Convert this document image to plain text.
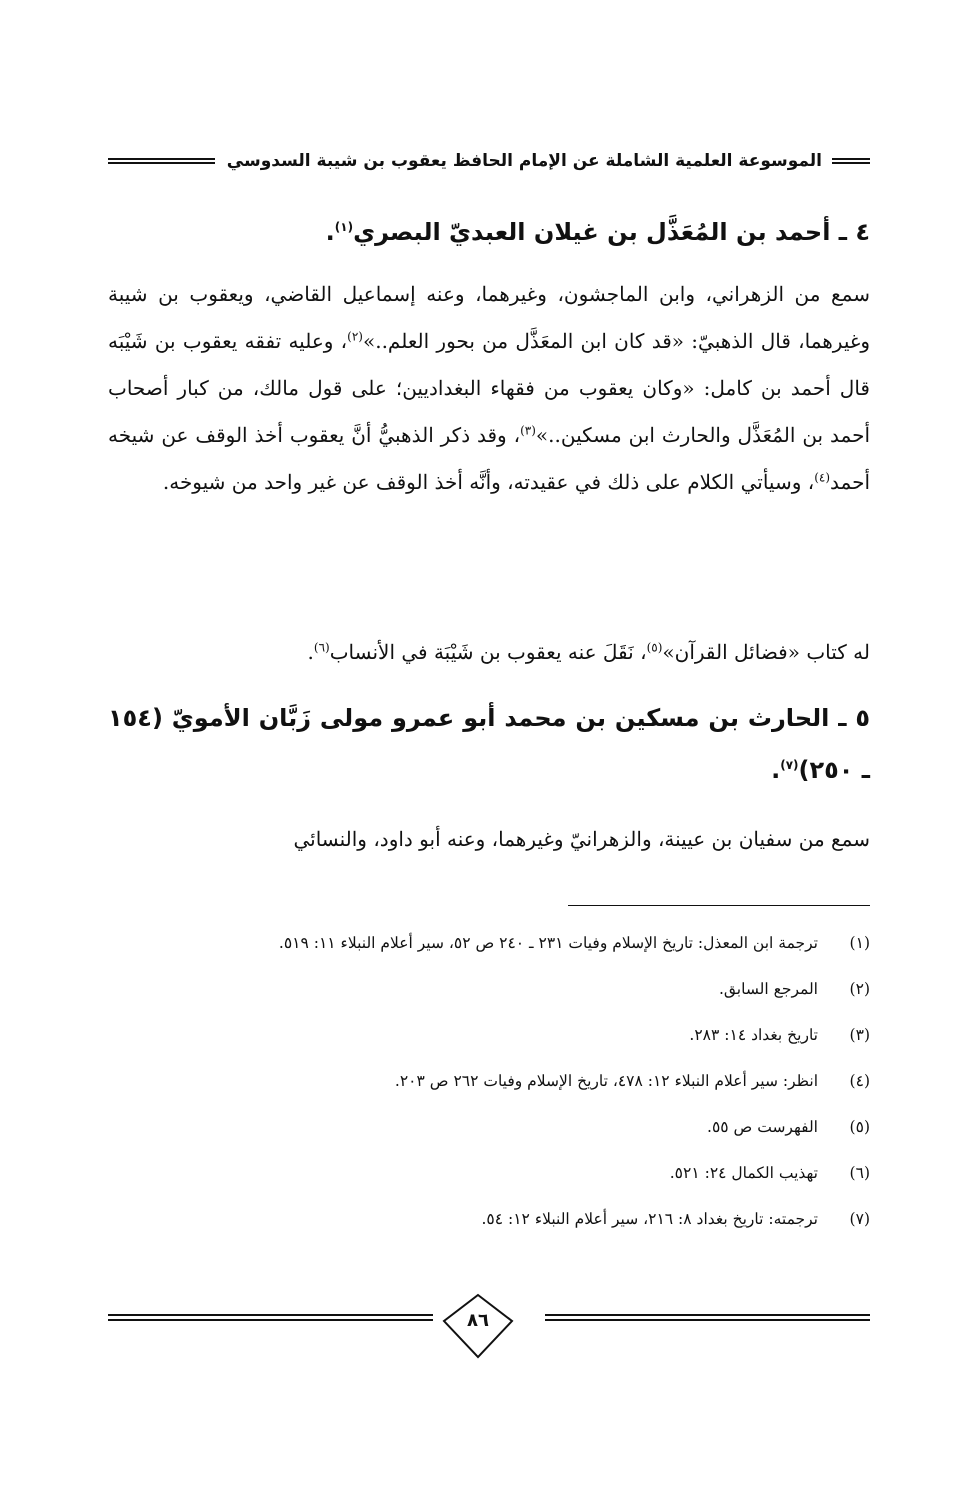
الموسوعة العلمية الشاملة عن الإمام الحافظ يعقوب بن شيبة السدوسي
٤ ـ أحمد بن المُعَذَّل بن غيلان العبديّ البصري$^{(١)}$.
سمع من الزهراني، وابن الماجشون، وغيرهما، وعنه إسماعيل القاضي، ويعقوب بن شيبة وغيرهما، قال الذهبيّ: «قد كان ابن المعَذَّل من بحور العلم..»$^{(٢)}$، وعليه تفقه يعقوب بن شَيْبَه قال أحمد بن كامل: «وكان يعقوب من فقهاء البغداديين؛ على قول مالك، من كبار أصحاب أحمد بن المُعَذَّل والحارث ابن مسكين..»$^{(٣)}$، وقد ذكر الذهبيُّ أنَّ يعقوب أخذ الوقف عن شيخه أحمد$^{(٤)}$، وسيأتي الكلام على ذلك في عقيدته، وأنَّه أخذ الوقف عن غير واحد من شيوخه.
له كتاب «فضائل القرآن»$^{(٥)}$، نَقَلَ عنه يعقوب بن شَيْبَة في الأنساب$^{(٦)}$.
٥ ـ الحارث بن مسكين بن محمد أبو عمرو مولى زَبَّان الأمويّ (١٥٤ ـ ٢٥٠)$^{(٧)}$.
سمع من سفيان بن عيينة، والزهرانيّ وغيرهما، وعنه أبو داود، والنسائي
(١)
ترجمة ابن المعذل: تاريخ الإسلام وفيات ٢٣١ ـ ٢٤٠ ص ٥٢، سير أعلام النبلاء ١١: ٥١٩.
(٢)
المرجع السابق.
(٣)
تاريخ بغداد ١٤: ٢٨٣.
(٤)
انظر: سير أعلام النبلاء ١٢: ٤٧٨، تاريخ الإسلام وفيات ٢٦٢ ص ٢٠٣.
(٥)
الفهرست ص ٥٥.
(٦)
تهذيب الكمال ٢٤: ٥٢١.
(٧)
ترجمته: تاريخ بغداد ٨: ٢١٦، سير أعلام النبلاء ١٢: ٥٤.
٨٦
